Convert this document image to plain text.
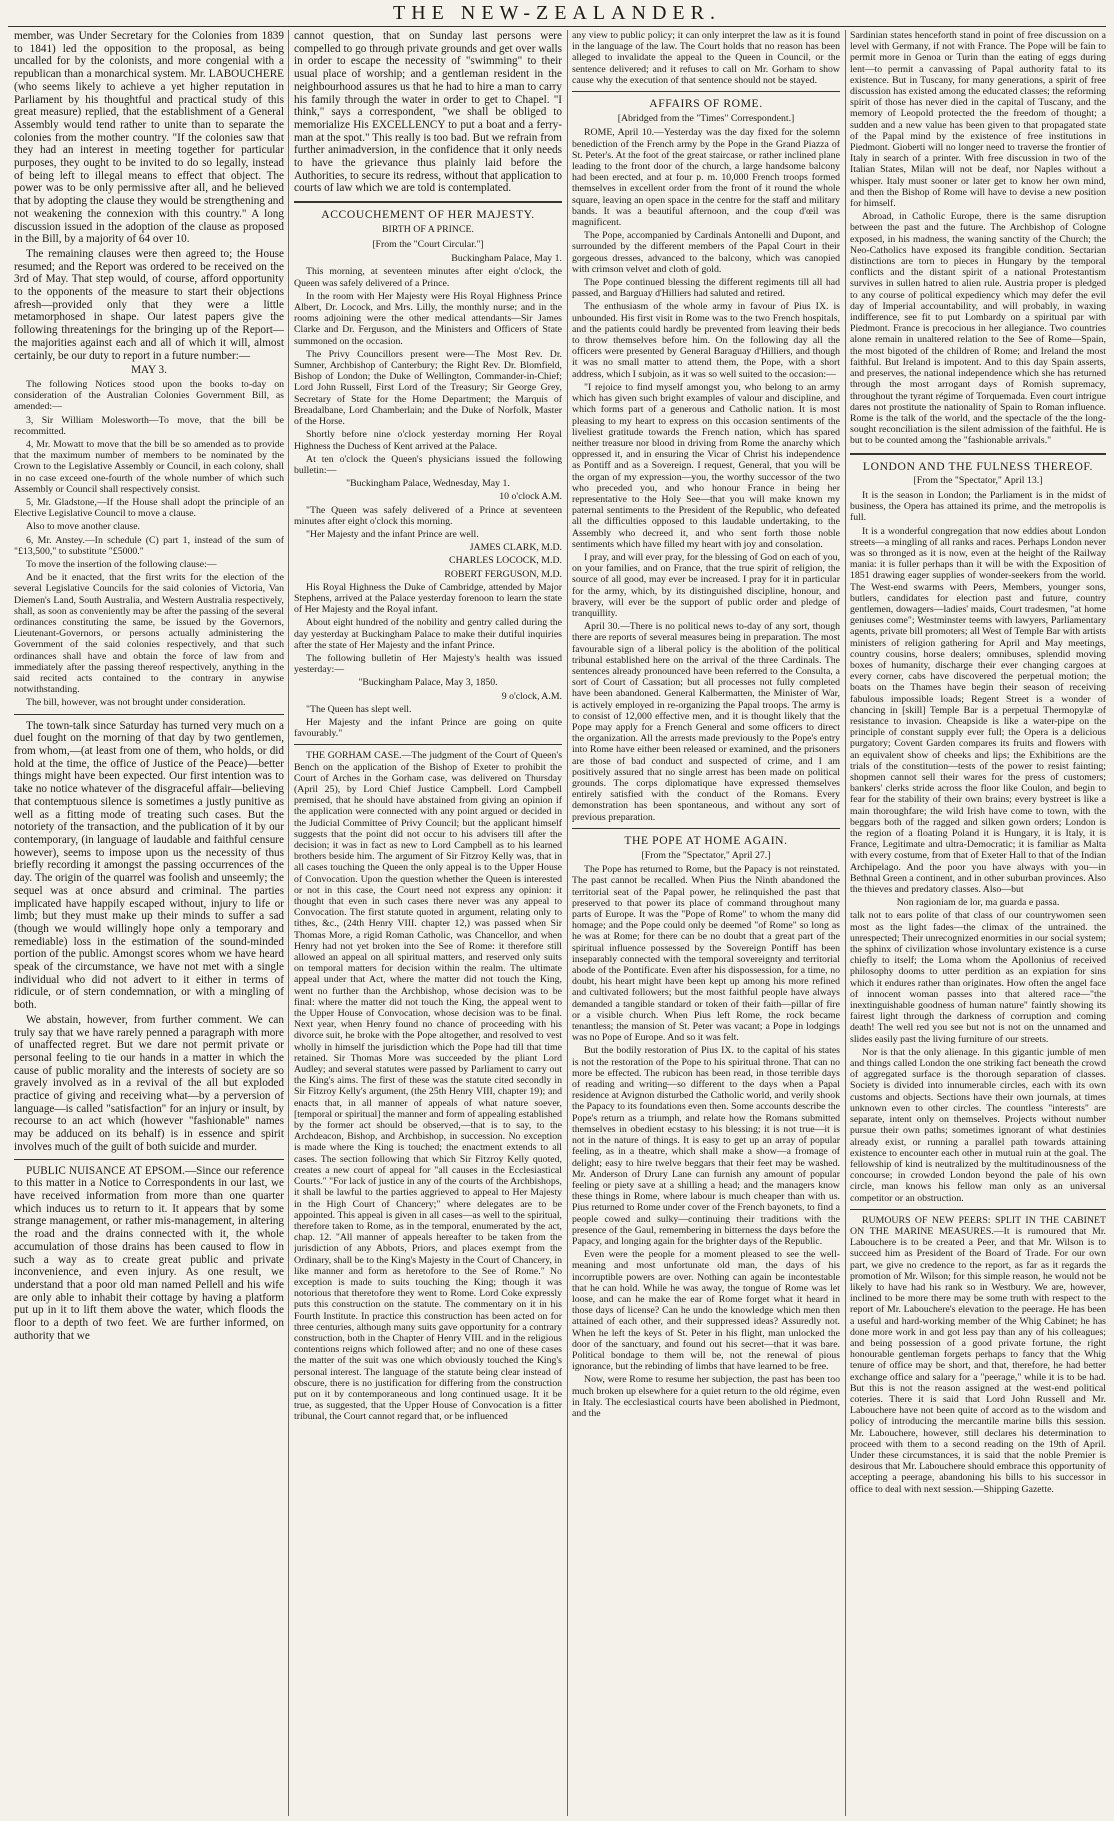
THE NEW-ZEALANDER.

member, was Under Secretary for the Colonies from 1839 to 1841) led the opposition to the proposal, as being uncalled for by the colonists, and more congenial with a republican than a monarchical system. Mr. LABOUCHERE (who seems likely to achieve a yet higher reputation in Parliament by his thoughtful and practical study of this great measure) replied, that the establishment of a General Assembly would tend rather to unite than to separate the colonies from the mother country. "If the colonies saw that they had an interest in meeting together for particular purposes, they ought to be invited to do so legally, instead of being left to illegal means to effect that object. The power was to be only permissive after all, and he believed that by adopting the clause they would be strengthening and not weakening the connexion with this country." A long discussion issued in the adoption of the clause as proposed in the Bill, by a majority of 64 over 10.

The remaining clauses were then agreed to; the House resumed; and the Report was ordered to be received on the 3rd of May. That step would, of course, afford opportunity to the opponents of the measure to start their objections afresh—provided only that they were a little metamorphosed in shape. Our latest papers give the following threatenings for the bringing up of the Report—the majorities against each and all of which it will, almost certainly, be our duty to report in a future number:—

MAY 3.

The following Notices stood upon the books to-day on consideration of the Australian Colonies Government Bill, as amended:—

3, Sir William Molesworth—To move, that the bill be recommitted.

4, Mr. Mowatt to move that the bill be so amended as to provide that the maximum number of members to be nominated by the Crown to the Legislative Assembly or Council, in each colony, shall in no case exceed one-fourth of the whole number of which such Assembly or Council shall respectively consist.

5, Mr. Gladstone,—If the House shall adopt the principle of an Elective Legislative Council to move a clause.

Also to move another clause.

6, Mr. Anstey.—In schedule (C) part 1, instead of the sum of "£13,500," to substitute "£5000."

To move the insertion of the following clause:—

And be it enacted, that the first writs for the election of the several Legislative Councils for the said colonies of Victoria, Van Diemen's Land, South Australia, and Western Australia respectively, shall, as soon as conveniently may be after the passing of the several ordinances constituting the same, be issued by the Governors, Lieutenant-Governors, or persons actually administering the Government of the said colonies respectively, and that such ordinances shall have and obtain the force of law from and immediately after the passing thereof respectively, anything in the said recited acts contained to the contrary in anywise notwithstanding.

The bill, however, was not brought under consideration.

The town-talk since Saturday has turned very much on a duel fought on the morning of that day by two gentlemen, from whom,—(at least from one of them, who holds, or did hold at the time, the office of Justice of the Peace)—better things might have been expected. Our first intention was to take no notice whatever of the disgraceful affair—believing that contemptuous silence is sometimes a justly punitive as well as a fitting mode of treating such cases. But the notoriety of the transaction, and the publication of it by our contemporary, (in language of laudable and faithful censure however), seems to impose upon us the necessity of thus briefly recording it amongst the passing occurrences of the day. The origin of the quarrel was foolish and unseemly; the sequel was at once absurd and criminal. The parties implicated have happily escaped without, injury to life or limb; but they must make up their minds to suffer a sad (though we would willingly hope only a temporary and remediable) loss in the estimation of the sound-minded portion of the public. Amongst scores whom we have heard speak of the circumstance, we have not met with a single individual who did not advert to it either in terms of ridicule, or of stern condemnation, or with a mingling of both.

We abstain, however, from further comment. We can truly say that we have rarely penned a paragraph with more of unaffected regret. But we dare not permit private or personal feeling to tie our hands in a matter in which the cause of public morality and the interests of society are so gravely involved as in a revival of the all but exploded practice of giving and receiving what—by a perversion of language—is called "satisfaction" for an injury or insult, by recourse to an act which (however "fashionable" names may be adduced on its behalf) is in essence and spirit involves much of the guilt of both suicide and murder.

PUBLIC NUISANCE AT EPSOM.—Since our reference to this matter in a Notice to Correspondents in our last, we have received information from more than one quarter which induces us to return to it. It appears that by some strange management, or rather mis-management, in altering the road and the drains connected with it, the whole accumulation of those drains has been caused to flow in such a way as to create great public and private inconvenience, and even injury. As one result, we understand that a poor old man named Pellell and his wife are only able to inhabit their cottage by having a platform put up in it to lift them above the water, which floods the floor to a depth of two feet. We are further informed, on authority that we

cannot question, that on Sunday last persons were compelled to go through private grounds and get over walls in order to escape the necessity of "swimming" to their usual place of worship; and a gentleman resident in the neighbourhood assures us that he had to hire a man to carry his family through the water in order to get to Chapel. "I think," says a correspondent, "we shall be obliged to memorialize His EXCELLENCY to put a boat and a ferry-man at the spot." This really is too bad. But we refrain from further animadversion, in the confidence that it only needs to have the grievance thus plainly laid before the Authorities, to secure its redress, without that application to courts of law which we are told is contemplated.

ACCOUCHEMENT OF HER MAJESTY.
BIRTH OF A PRINCE.
[From the "Court Circular."]

Buckingham Palace, May 1.

This morning, at seventeen minutes after eight o'clock, the Queen was safely delivered of a Prince.

In the room with Her Majesty were His Royal Highness Prince Albert, Dr. Locock, and Mrs. Lilly, the monthly nurse; and in the rooms adjoining were the other medical attendants—Sir James Clarke and Dr. Ferguson, and the Ministers and Officers of State summoned on the occasion.

The Privy Councillors present were—The Most Rev. Dr. Sumner, Archbishop of Canterbury; the Right Rev. Dr. Blomfield, Bishop of London; the Duke of Wellington, Commander-in-Chief; Lord John Russell, First Lord of the Treasury; Sir George Grey, Secretary of State for the Home Department; the Marquis of Breadalbane, Lord Chamberlain; and the Duke of Norfolk, Master of the Horse.

Shortly before nine o'clock yesterday morning Her Royal Highness the Duchess of Kent arrived at the Palace.

At ten o'clock the Queen's physicians issued the following bulletin:—

"Buckingham Palace, Wednesday, May 1.

10 o'clock A.M.

"The Queen was safely delivered of a Prince at seventeen minutes after eight o'clock this morning.

"Her Majesty and the infant Prince are well.

JAMES CLARK, M.D.

CHARLES LOCOCK, M.D.

ROBERT FERGUSON, M.D.

His Royal Highness the Duke of Cambridge, attended by Major Stephens, arrived at the Palace yesterday forenoon to learn the state of Her Majesty and the Royal infant.

About eight hundred of the nobility and gentry called during the day yesterday at Buckingham Palace to make their dutiful inquiries after the state of Her Majesty and the infant Prince.

The following bulletin of Her Majesty's health was issued yesterday:—

"Buckingham Palace, May 3, 1850.

9 o'clock, A.M.

"The Queen has slept well.

Her Majesty and the infant Prince are going on quite favourably."

THE GORHAM CASE.—The judgment of the Court of Queen's Bench on the application of the Bishop of Exeter to prohibit the Court of Arches in the Gorham case, was delivered on Thursday (April 25), by Lord Chief Justice Campbell. Lord Campbell premised, that he should have abstained from giving an opinion if the application were connected with any point argued or decided in the Judicial Committee of Privy Council; but the applicant himself suggests that the point did not occur to his advisers till after the decision; it was in fact as new to Lord Campbell as to his learned brothers beside him. The argument of Sir Fitzroy Kelly was, that in all cases touching the Queen the only appeal is to the Upper House of Convocation. Upon the question whether the Queen is interested or not in this case, the Court need not express any opinion: it thought that even in such cases there never was any appeal to Convocation. The first statute quoted in argument, relating only to tithes, &c., (24th Henry VIII. chapter 12,) was passed when Sir Thomas More, a rigid Roman Catholic, was Chancellor, and when Henry had not yet broken into the See of Rome: it therefore still allowed an appeal on all spiritual matters, and reserved only suits on temporal matters for decision within the realm. The ultimate appeal under that Act, where the matter did not touch the King, went no further than the Archbishop, whose decision was to be final: where the matter did not touch the King, the appeal went to the Upper House of Convocation, whose decision was to be final. Next year, when Henry found no chance of proceeding with his divorce suit, he broke with the Pope altogether, and resolved to vest wholly in himself the jurisdiction which the Pope had till that time retained. Sir Thomas More was succeeded by the pliant Lord Audley; and several statutes were passed by Parliament to carry out the King's aims. The first of these was the statute cited secondly in Sir Fitzroy Kelly's argument, (the 25th Henry VIII, chapter 19); and enacts that, in all manner of appeals of what nature soever, [temporal or spiritual] the manner and form of appealing established by the former act should be observed,—that is to say, to the Archdeacon, Bishop, and Archbishop, in succession. No exception is made where the King is touched; the enactment extends to all cases. The section following that which Sir Fitzroy Kelly quoted, creates a new court of appeal for "all causes in the Ecclesiastical Courts." "For lack of justice in any of the courts of the Archbishops, it shall be lawful to the parties aggrieved to appeal to Her Majesty in the High Court of Chancery;" where delegates are to be appointed. This appeal is given in all cases—as well to the spiritual, therefore taken to Rome, as in the temporal, enumerated by the act, chap. 12. "All manner of appeals hereafter to be taken from the jurisdiction of any Abbots, Priors, and places exempt from the Ordinary, shall be to the King's Majesty in the Court of Chancery, in like manner and form as heretofore to the See of Rome." No exception is made to suits touching the King; though it was notorious that theretofore they went to Rome. Lord Coke expressly puts this construction on the statute. The commentary on it in his Fourth Institute. In practice this construction has been acted on for three centuries, although many suits gave opportunity for a contrary construction, both in the Chapter of Henry VIII. and in the religious contentions reigns which followed after; and no one of these cases the matter of the suit was one which obviously touched the King's personal interest. The language of the statute being clear instead of obscure, there is no justification for differing from the construction put on it by contemporaneous and long continued usage. It it be true, as suggested, that the Upper House of Convocation is a fitter tribunal, the Court cannot regard that, or be influenced

any view to public policy; it can only interpret the law as it is found in the language of the law. The Court holds that no reason has been alleged to invalidate the appeal to the Queen in Council, or the sentence delivered; and it refuses to call on Mr. Gorham to show cause why the execution of that sentence should not be stayed.

AFFAIRS OF ROME.
[Abridged from the "Times" Correspondent.]

ROME, April 10.—Yesterday was the day fixed for the solemn benediction of the French army by the Pope in the Grand Piazza of St. Peter's. At the foot of the great staircase, or rather inclined plane leading to the front door of the church, a large handsome balcony had been erected, and at four p. m. 10,000 French troops formed themselves in excellent order from the front of it round the whole square, leaving an open space in the centre for the staff and military bands. It was a beautiful afternoon, and the coup d'œil was magnificent.

The Pope, accompanied by Cardinals Antonelli and Dupont, and surrounded by the different members of the Papal Court in their gorgeous dresses, advanced to the balcony, which was canopied with crimson velvet and cloth of gold.

The Pope continued blessing the different regiments till all had passed, and Barguay d'Hilliers had saluted and retired.

The enthusiasm of the whole army in favour of Pius IX. is unbounded. His first visit in Rome was to the two French hospitals, and the patients could hardly be prevented from leaving their beds to throw themselves before him. On the following day all the officers were presented by General Baraguay d'Hilliers, and though it was no small matter to attend them, the Pope, with a short address, which I subjoin, as it was so well suited to the occasion:—

"I rejoice to find myself amongst you, who belong to an army which has given such bright examples of valour and discipline, and which forms part of a generous and Catholic nation. It is most pleasing to my heart to express on this occasion sentiments of the liveliest gratitude towards the French nation, which has spared neither treasure nor blood in driving from Rome the anarchy which oppressed it, and in ensuring the Vicar of Christ his independence as Pontiff and as a Sovereign. I request, General, that you will be the organ of my expression—you, the worthy successor of the two who preceded you, and who honour France in being her representative to the Holy See—that you will make known my paternal sentiments to the President of the Republic, who defeated all the difficulties opposed to this laudable undertaking, to the Assembly who decreed it, and who sent forth those noble sentiments which have filled my heart with joy and consolation.

I pray, and will ever pray, for the blessing of God on each of you, on your families, and on France, that the true spirit of religion, the source of all good, may ever be increased. I pray for it in particular for the army, which, by its distinguished discipline, honour, and bravery, will ever be the support of public order and pledge of tranquillity.

April 30.—There is no political news to-day of any sort, though there are reports of several measures being in preparation. The most favourable sign of a liberal policy is the abolition of the political tribunal established here on the arrival of the three Cardinals. The sentences already pronounced have been referred to the Consulta, a sort of Court of Cassation; but all processes not fully completed have been abandoned. General Kalbermatten, the Minister of War, is actively employed in re-organizing the Papal troops. The army is to consist of 12,000 effective men, and it is thought likely that the Pope may apply for a French General and some officers to direct the organization. All the arrests made previously to the Pope's entry into Rome have either been released or examined, and the prisoners are those of bad conduct and suspected of crime, and I am positively assured that no single arrest has been made on political grounds. The corps diplomatique have expressed themselves entirely satisfied with the conduct of the Romans. Every demonstration has been spontaneous, and without any sort of previous preparation.

THE POPE AT HOME AGAIN.
[From the "Spectator," April 27.]

The Pope has returned to Rome, but the Papacy is not reinstated. The past cannot be recalled. When Pius the Ninth abandoned the territorial seat of the Papal power, he relinquished the past that preserved to that power its place of command throughout many parts of Europe. It was the "Pope of Rome" to whom the many did homage; and the Pope could only be deemed "of Rome" so long as he was at Rome; for there can be no doubt that a great part of the spiritual influence possessed by the Sovereign Pontiff has been inseparably connected with the temporal sovereignty and territorial abode of the Pontificate. Even after his dispossession, for a time, no doubt, his heart might have been kept up among his more refined and cultivated followers; but the most faithful people have always demanded a tangible standard or token of their faith—pillar of fire or a visible church. When Pius left Rome, the rock became tenantless; the mansion of St. Peter was vacant; a Pope in lodgings was no Pope of Europe. And so it was felt.

But the bodily restoration of Pius IX. to the capital of his states is not the restoration of the Pope to his spiritual throne. That can no more be effected. The rubicon has been read, in those terrible days of reading and writing—so different to the days when a Papal residence at Avignon disturbed the Catholic world, and verily shook the Papacy to its foundations even then. Some accounts describe the Pope's return as a triumph, and relate how the Romans submitted themselves in obedient ecstasy to his blessing; it is not true—it is not in the nature of things. It is easy to get up an array of popular feeling, as in a theatre, which shall make a show—a fromage of delight; easy to hire twelve beggars that their feet may be washed. Mr. Anderson of Drury Lane can furnish any amount of popular feeling or piety save at a shilling a head; and the managers know these things in Rome, where labour is much cheaper than with us. Pius returned to Rome under cover of the French bayonets, to find a people cowed and sulky—continuing their traditions with the presence of the Gaul, remembering in bitterness the days before the Papacy, and longing again for the brighter days of the Republic.

Even were the people for a moment pleased to see the well-meaning and most unfortunate old man, the days of his incorruptible powers are over. Nothing can again be incontestable that he can hold. While he was away, the tongue of Rome was let loose, and can he make the ear of Rome forget what it heard in those days of license? Can he undo the knowledge which men then attained of each other, and their suppressed ideas? Assuredly not. When he left the keys of St. Peter in his flight, man unlocked the door of the sanctuary, and found out his secret—that it was bare. Political bondage to them will be, not the renewal of pious ignorance, but the rebinding of limbs that have learned to be free.

Now, were Rome to resume her subjection, the past has been too much broken up elsewhere for a quiet return to the old régime, even in Italy. The ecclesiastical courts have been abolished in Piedmont, and the

Sardinian states henceforth stand in point of free discussion on a level with Germany, if not with France. The Pope will be fain to permit more in Genoa or Turin than the eating of eggs during lent—to permit a canvassing of Papal authority fatal to its existence. But in Tuscany, for many generations, a spirit of free discussion has existed among the educated classes; the reforming spirit of those has never died in the capital of Tuscany, and the memory of Leopold protected the the freedom of thought; a sudden and a new value has been given to that propagated state of the Papal mind by the existence of free institutions in Piedmont. Gioberti will no longer need to traverse the frontier of Italy in search of a printer. With free discussion in two of the Italian States, Milan will not be deaf, nor Naples without a whisper. Italy must sooner or later get to know her own mind, and then the Bishop of Rome will have to devise a new position for himself.

Abroad, in Catholic Europe, there is the same disruption between the past and the future. The Archbishop of Cologne exposed, in his madness, the waning sanctity of the Church; the Neo-Catholics have exposed its frangible condition. Sectarian distinctions are torn to pieces in Hungary by the temporal conflicts and the distant spirit of a national Protestantism survives in sullen hatred to alien rule. Austria proper is pledged to any course of political expediency which may defer the evil day of Imperial accountability, and will probably, in waxing indifference, see fit to put Lombardy on a spiritual par with Piedmont. France is precocious in her allegiance. Two countries alone remain in unaltered relation to the See of Rome—Spain, the most bigoted of the children of Rome; and Ireland the most faithful. But Ireland is impotent. And to this day Spain asserts, and preserves, the national independence which she has returned through the most arrogant days of Romish supremacy, throughout the tyrant régime of Torquemada. Even court intrigue dares not prostitute the nationality of Spain to Roman influence. Rome is the talk of the world, and the spectacle of the the long-sought reconciliation is the silent admission of the faithful. He is but to be counted among the "fashionable arrivals."

LONDON AND THE FULNESS THEREOF.
[From the "Spectator," April 13.]

It is the season in London; the Parliament is in the midst of business, the Opera has attained its prime, and the metropolis is full.

It is a wonderful congregation that now eddies about London streets—a mingling of all ranks and races. Perhaps London never was so thronged as it is now, even at the height of the Railway mania: it is fuller perhaps than it will be with the Exposition of 1851 drawing eager supplies of wonder-seekers from the world. The West-end swarms with Peers, Members, younger sons, butlers, candidates for election past and future, country gentlemen, dowagers—ladies' maids, Court tradesmen, "at home geniuses come"; Westminster teems with lawyers, Parliamentary agents, private bill promoters; all West of Temple Bar with artists ministers of religion gathering for April and May meetings, country cousins, horse dealers; omnibuses, splendid moving boxes of humanity, discharge their ever changing cargoes at every corner, cabs have discovered the perpetual motion; the boats on the Thames have begin their season of receiving fabulous impossible loads; Regent Street is a wonder of chancing in [skill] Temple Bar is a perpetual Thermopylæ of resistance to invasion. Cheapside is like a water-pipe on the principle of constant supply ever full; the Opera is a delicious purgatory; Covent Garden compares its fruits and flowers with an equivalent show of cheeks and lips; the Exhibitions are the trials of the constitution—tests of the power to resist fainting; shopmen cannot sell their wares for the press of customers; bankers' clerks stride across the floor like Coulon, and begin to fear for the stability of their own brains; every bystreet is like a main thoroughfare; the wild Irish have come to town, with the beggars both of the ragged and silken gown orders; London is the region of a floating Poland it is Hungary, it is Italy, it is France, Legitimate and ultra-Democratic; it is familiar as Malta with every costume, from that of Exeter Hall to that of the Indian Archipelago. And the poor you have always with you—in Bethnal Green a continent, and in other suburban provinces. Also the thieves and predatory classes. Also—but

Non ragioniam de lor, ma guarda e passa.

talk not to ears polite of that class of our countrywomen seen most as the light fades—the climax of the untrained. the unrespected; Their unrecognized enormities in our social system; the sphinx of civilization whose involuntary existence is a curse chiefly to itself; the Loma whom the Apollonius of received philosophy dooms to utter perdition as an expiation for sins which it endures rather than originates. How often the angel face of innocent woman passes into that altered race—"the inextinguishable goodness of human nature" faintly showing its fairest light through the darkness of corruption and coming death! The well red you see but not is not on the unnamed and slides easily past the living furniture of our streets.

Nor is that the only alienage. In this gigantic jumble of men and things called London the one striking fact beneath the crowd of aggregated surface is the thorough separation of classes. Society is divided into innumerable circles, each with its own customs and objects. Sections have their own journals, at times unknown even to other circles. The countless "interests" are separate, intent only on themselves. Projects without number pursue their own paths; sometimes ignorant of what destinies already exist, or running a parallel path towards attaining existence to encounter each other in mutual ruin at the goal. The fellowship of kind is neutralized by the multitudinousness of the concourse; in crowded London beyond the pale of his own circle, man knows his fellow man only as an universal competitor or an obstruction.

RUMOURS OF NEW PEERS: SPLIT IN THE CABINET ON THE MARINE MEASURES.—It is rumoured that Mr. Labouchere is to be created a Peer, and that Mr. Wilson is to succeed him as President of the Board of Trade. For our own part, we give no credence to the report, as far as it regards the promotion of Mr. Wilson; for this simple reason, he would not be likely to have had his rank so in Westbury. We are, however, inclined to be more there may be some truth with respect to the report of Mr. Labouchere's elevation to the peerage. He has been a useful and hard-working member of the Whig Cabinet; he has done more work in and got less pay than any of his colleagues; and being possession of a good private fortune, the right honourable gentleman forgets perhaps to fancy that the Whig tenure of office may be short, and that, therefore, he had better exchange office and salary for a "peerage," while it is to be had. But this is not the reason assigned at the west-end political coteries. There it is said that Lord John Russell and Mr. Labouchere have not been quite of accord as to the wisdom and policy of introducing the mercantile marine bills this session. Mr. Labouchere, however, still declares his determination to proceed with them to a second reading on the 19th of April. Under these circumstances, it is said that the noble Premier is desirous that Mr. Labouchere should embrace this opportunity of accepting a peerage, abandoning his bills to his successor in office to deal with next session.—Shipping Gazette.
